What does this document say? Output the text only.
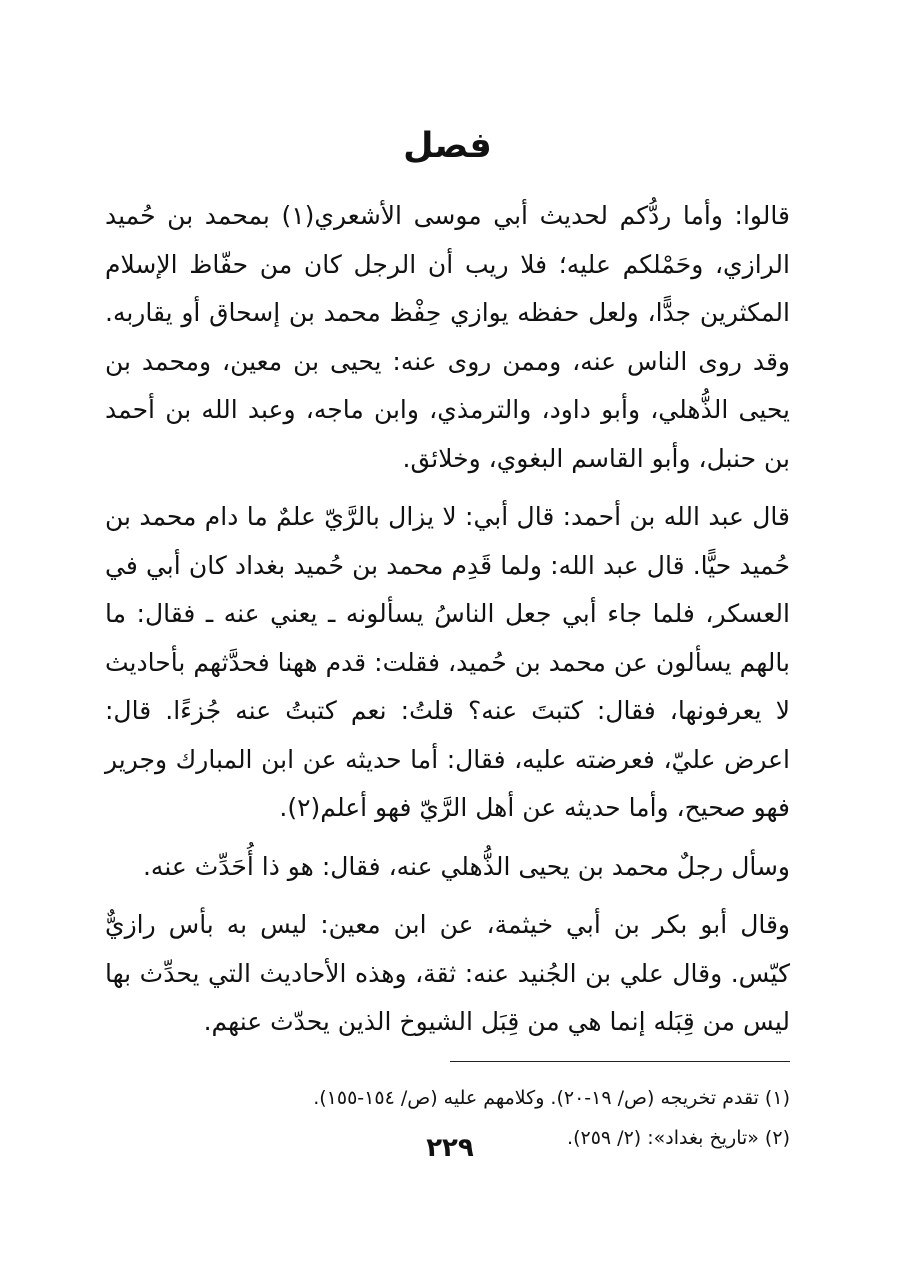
فصل
قالوا: وأما ردُّكم لحديث أبي موسى الأشعري(١) بمحمد بن حُميد الرازي، وحَمْلكم عليه؛ فلا ريب أن الرجل كان من حفّاظ الإسلام المكثرين جدًّا، ولعل حفظه يوازي حِفْظ محمد بن إسحاق أو يقاربه. وقد روى الناس عنه، وممن روى عنه: يحيى بن معين، ومحمد بن يحيى الذُّهلي، وأبو داود، والترمذي، وابن ماجه، وعبد الله بن أحمد بن حنبل، وأبو القاسم البغوي، وخلائق.
قال عبد الله بن أحمد: قال أبي: لا يزال بالرَّيّ علمٌ ما دام محمد بن حُميد حيًّا. قال عبد الله: ولما قَدِم محمد بن حُميد بغداد كان أبي في العسكر، فلما جاء أبي جعل الناسُ يسألونه ـ يعني عنه ـ فقال: ما بالهم يسألون عن محمد بن حُميد، فقلت: قدم ههنا فحدَّثهم بأحاديث لا يعرفونها، فقال: كتبتَ عنه؟ قلتُ: نعم كتبتُ عنه جُزءًا. قال: اعرض عليّ، فعرضته عليه، فقال: أما حديثه عن ابن المبارك وجرير فهو صحيح، وأما حديثه عن أهل الرَّيّ فهو أعلم(٢).
وسأل رجلٌ محمد بن يحيى الذُّهلي عنه، فقال: هو ذا أُحَدِّث عنه.
وقال أبو بكر بن أبي خيثمة، عن ابن معين: ليس به بأس رازيٌّ كيّس. وقال علي بن الجُنيد عنه: ثقة، وهذه الأحاديث التي يحدِّث بها ليس من قِبَله إنما هي من قِبَل الشيوخ الذين يحدّث عنهم.

(١) تقدم تخريجه (ص/ ١٩-٢٠). وكلامهم عليه (ص/ ١٥٤-١٥٥).

(٢) «تاريخ بغداد»: (٢/ ٢٥٩).

٢٢٩
